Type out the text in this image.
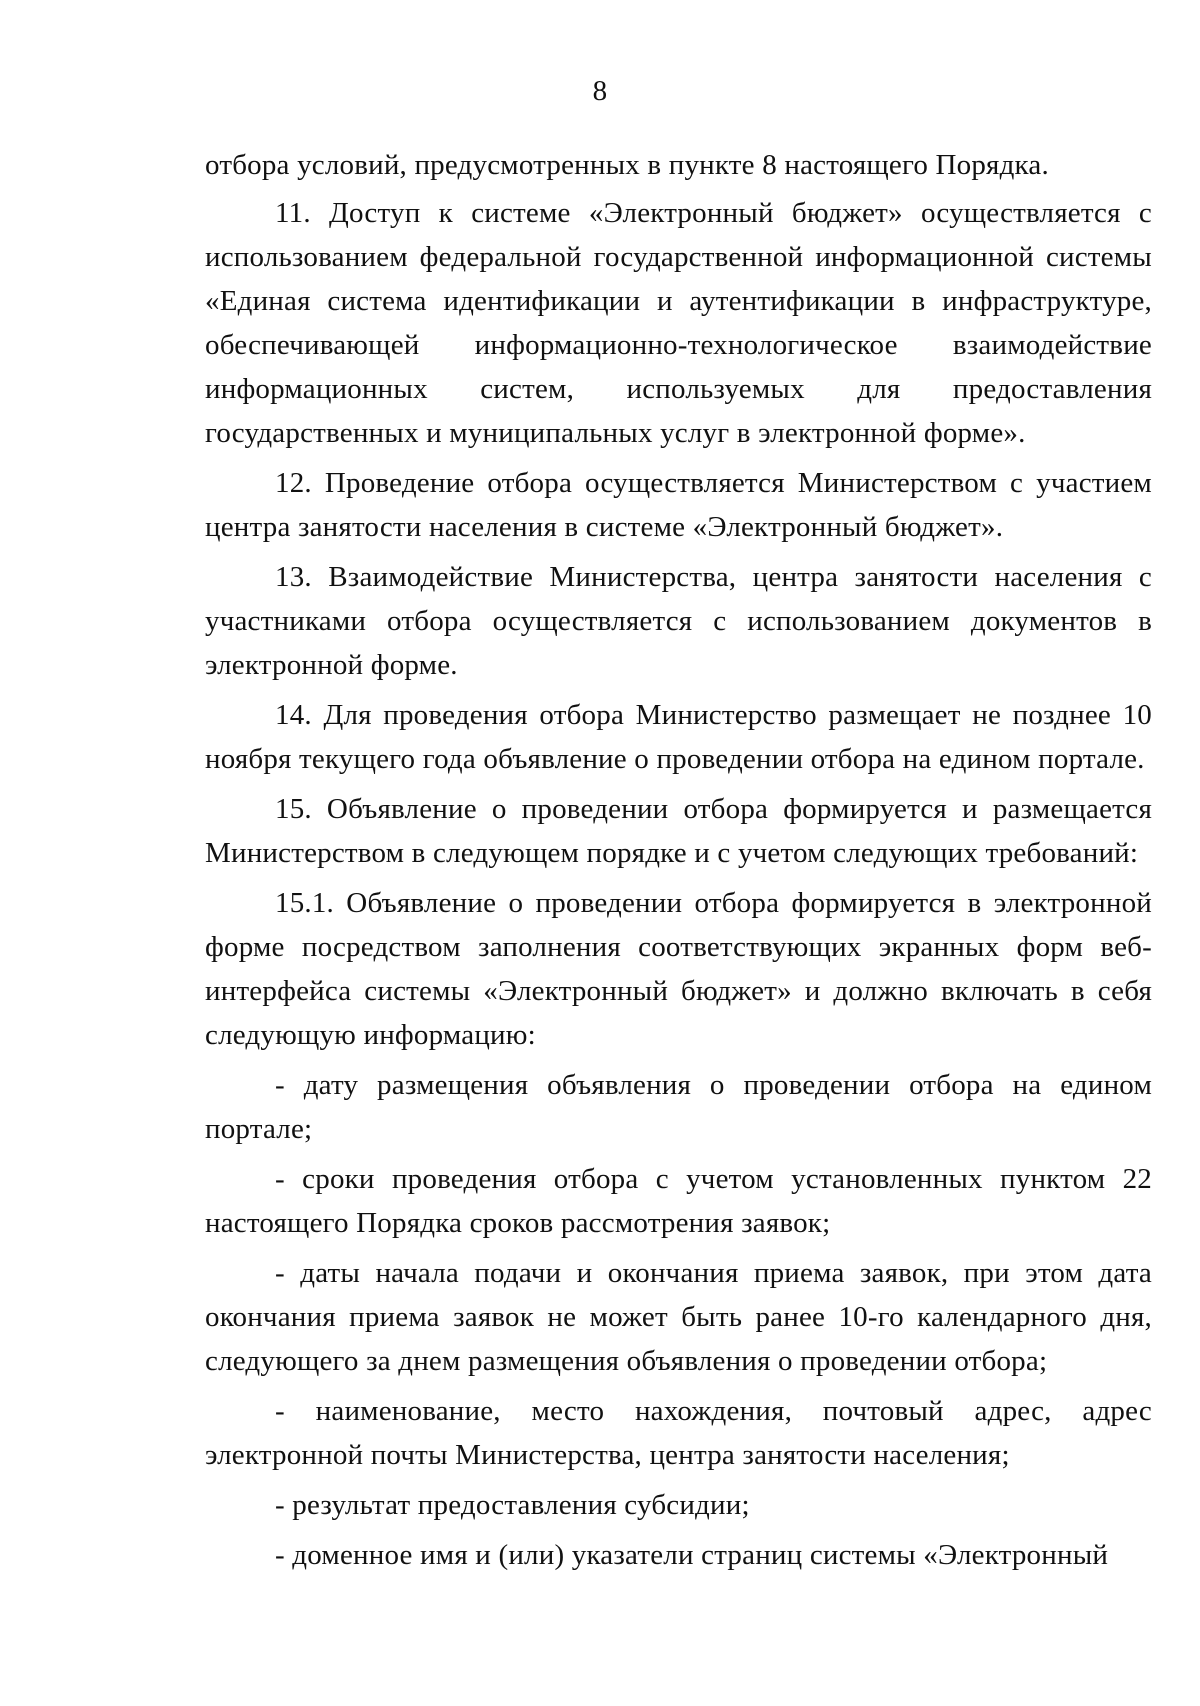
8

отбора условий, предусмотренных в пункте 8 настоящего Порядка.

11. Доступ к системе «Электронный бюджет» осуществляется с использованием федеральной государственной информационной системы «Единая система идентификации и аутентификации в инфраструктуре, обеспечивающей информационно-технологическое взаимодействие информационных систем, используемых для предоставления государственных и муниципальных услуг в электронной форме».

12. Проведение отбора осуществляется Министерством с участием центра занятости населения в системе «Электронный бюджет».

13. Взаимодействие Министерства, центра занятости населения с участниками отбора осуществляется с использованием документов в электронной форме.

14. Для проведения отбора Министерство размещает не позднее 10 ноября текущего года объявление о проведении отбора на едином портале.

15. Объявление о проведении отбора формируется и размещается Министерством в следующем порядке и с учетом следующих требований:

15.1. Объявление о проведении отбора формируется в электронной форме посредством заполнения соответствующих экранных форм веб-интерфейса системы «Электронный бюджет» и должно включать в себя следующую информацию:

- дату размещения объявления о проведении отбора на едином портале;

- сроки проведения отбора с учетом установленных пунктом 22 настоящего Порядка сроков рассмотрения заявок;

- даты начала подачи и окончания приема заявок, при этом дата окончания приема заявок не может быть ранее 10-го календарного дня, следующего за днем размещения объявления о проведении отбора;

- наименование, место нахождения, почтовый адрес, адрес электронной почты Министерства, центра занятости населения;

- результат предоставления субсидии;

- доменное имя и (или) указатели страниц системы «Электронный
